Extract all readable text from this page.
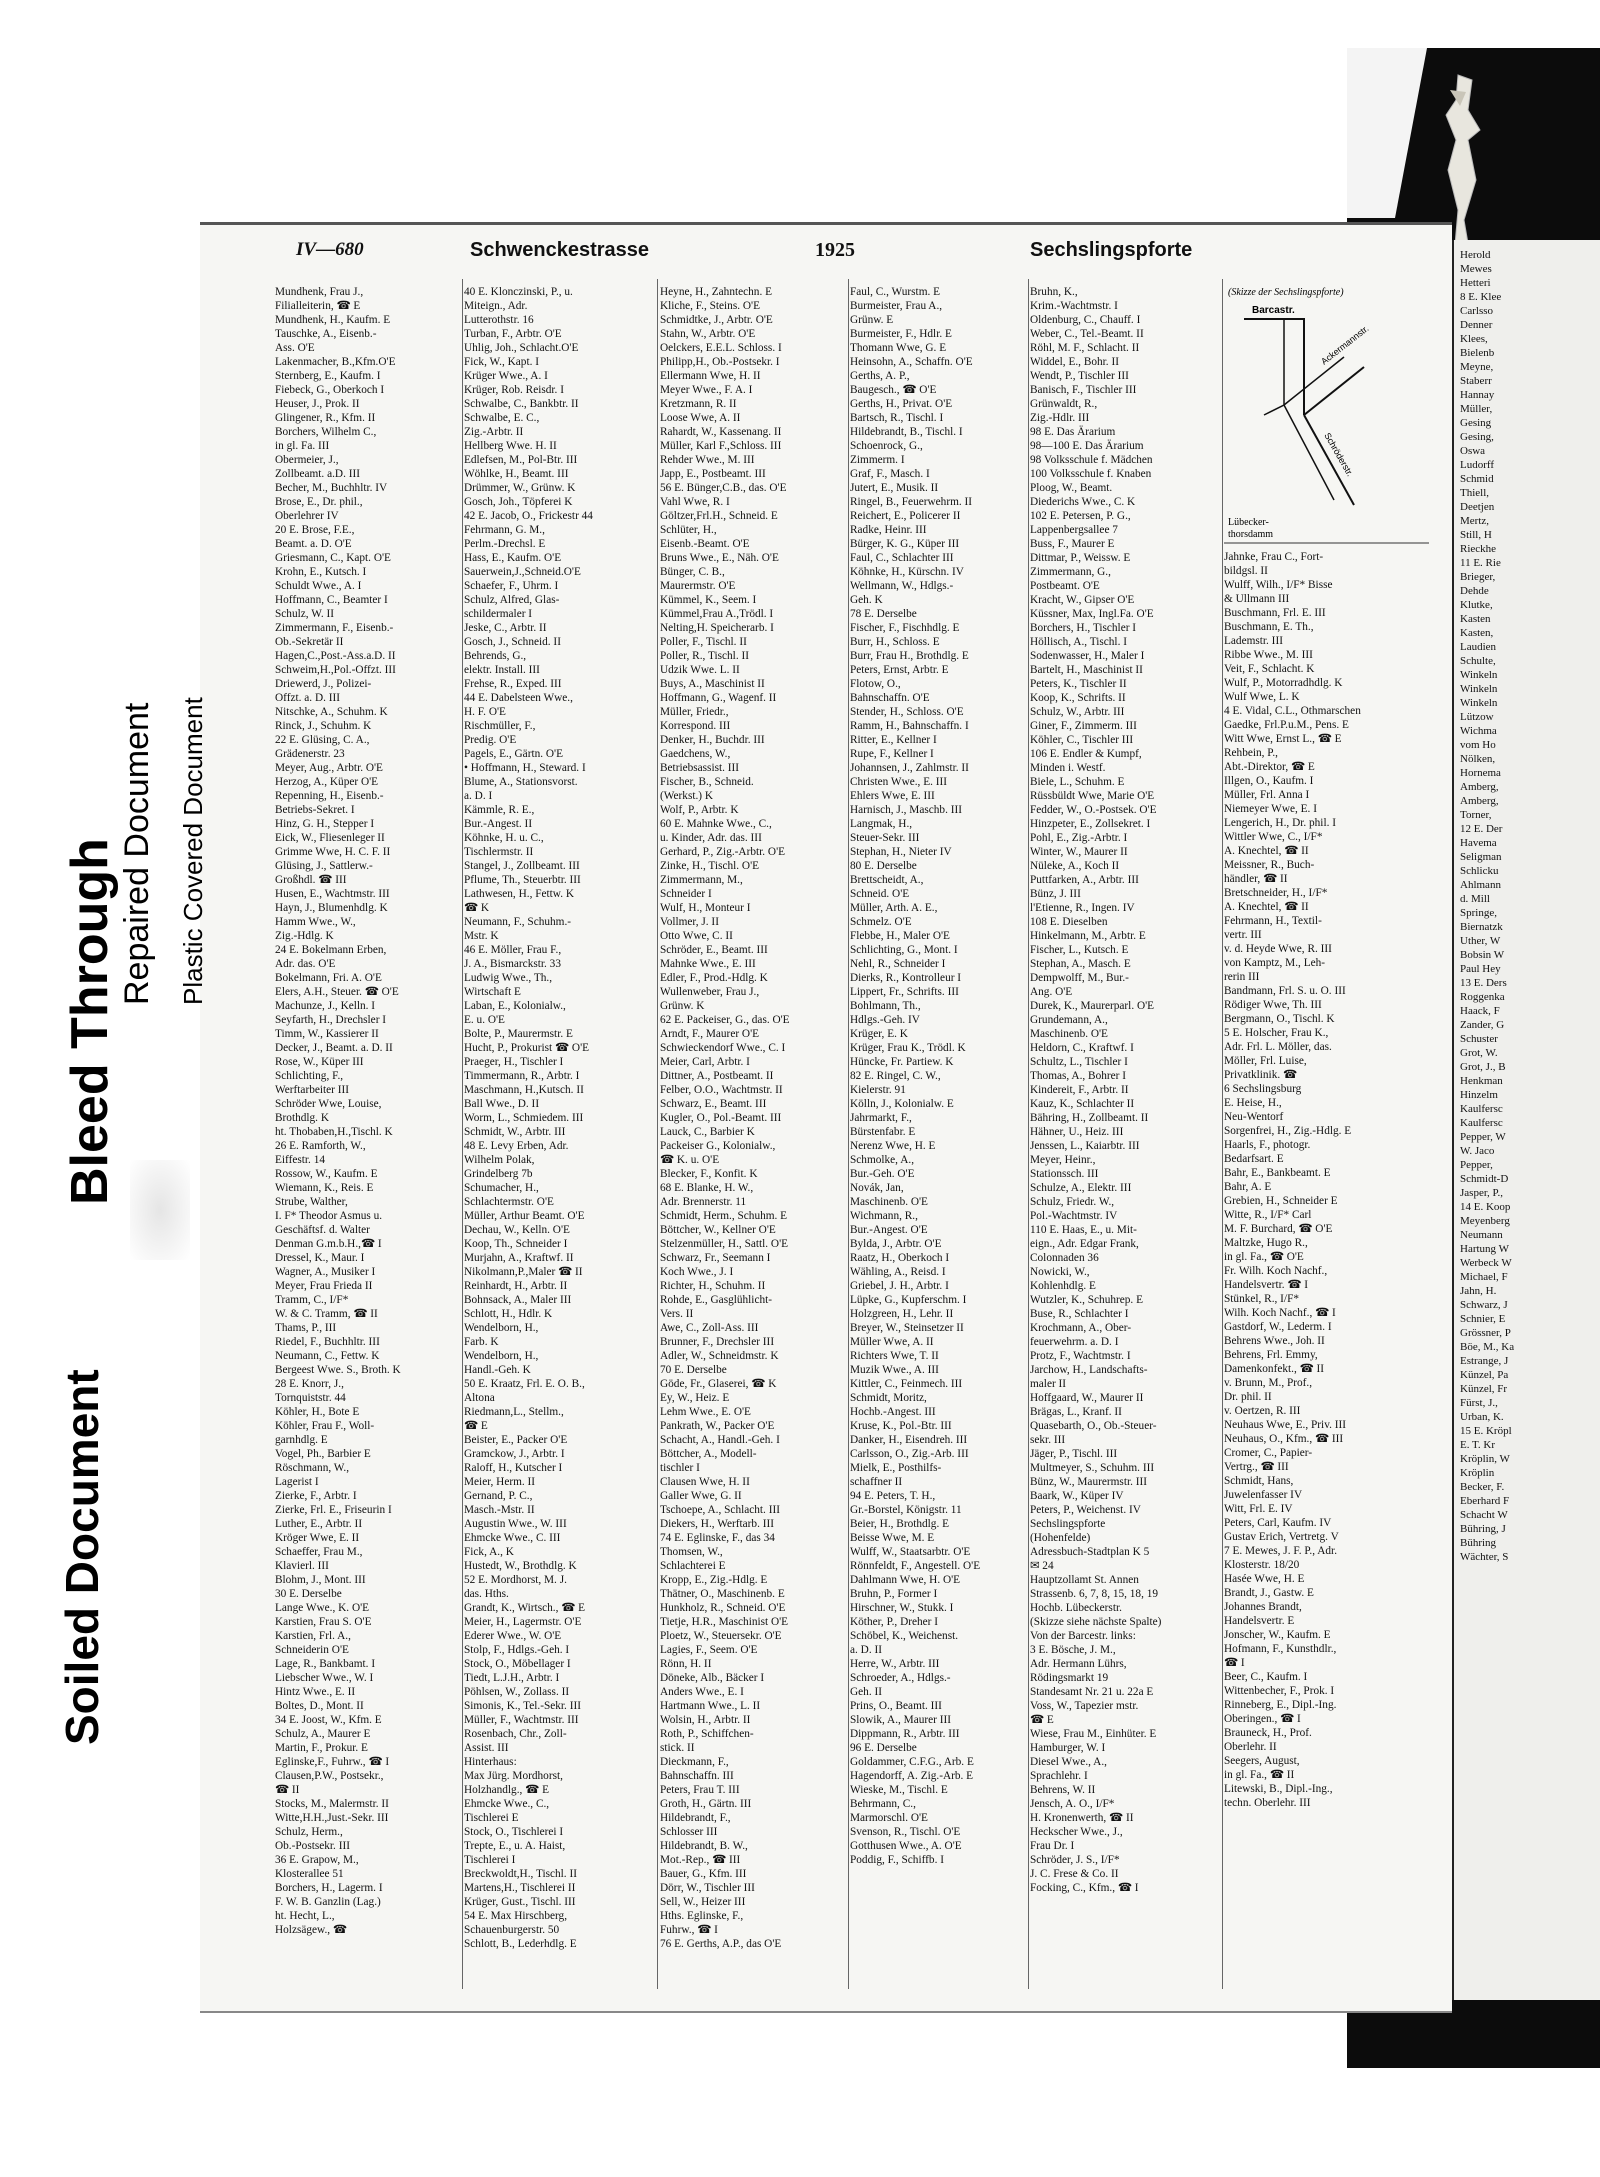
IV—680	Schwenckestrasse	1925	Sechslingspforte
Mundhenk, Frau J.,
Filialleiterin, ☎ E
Mundhenk, H., Kaufm. E
Tauschke, A., Eisenb.-
Ass. O'E
Lakenmacher, B.,Kfm.O'E
Sternberg, E., Kaufm. I
Fiebeck, G., Oberkoch I
Heuser, J., Prok. II
Glingener, R., Kfm. II
Borchers, Wilhelm C.,
in gl. Fa. III
Obermeier, J.,
Zollbeamt. a.D. III
Becher, M., Buchhltr. IV
Brose, E., Dr. phil.,
Oberlehrer IV
20 E. Brose, F.E.,
Beamt. a. D. O'E
Griesmann, C., Kapt. O'E
Krohn, E., Kutsch. I
Schuldt Wwe., A. I
Hoffmann, C., Beamter I
Schulz, W. II
Zimmermann, F., Eisenb.-
Ob.-Sekretär II
Hagen,C.,Post.-Ass.a.D. II
Schweim,H.,Pol.-Offzt. III
Driewerd, J., Polizei-
Offzt. a. D. III
Nitschke, A., Schuhm. K
Rinck, J., Schuhm. K
22 E. Glüsing, C. A.,
Grädenerstr. 23
Meyer, Aug., Arbtr. O'E
Herzog, A., Küper O'E
Repenning, H., Eisenb.-
Betriebs-Sekret. I
Hinz, G. H., Stepper I
Eick, W., Fliesenleger II
Grimme Wwe, H. C. F. II
Glüsing, J., Sattlerw.-
Großhdl. ☎ III
Husen, E., Wachtmstr. III
Hayn, J., Blumenhdlg. K
Hamm Wwe., W.,
Zig.-Hdlg. K
24 E. Bokelmann Erben,
Adr. das. O'E
Bokelmann, Fri. A. O'E
Elers, A.H., Steuer. ☎ O'E
Machunze, J., Kelln. I
Seyfarth, H., Drechsler I
Timm, W., Kassierer II
Decker, J., Beamt. a. D. II
Rose, W., Küper III
Schlichting, F.,
Werftarbeiter III
Schröder Wwe, Louise,
Brothdlg. K
ht. Thobaben,H.,Tischl. K
26 E. Ramforth, W.,
Eiffestr. 14
Rossow, W., Kaufm. E
Wiemann, K., Reis. E
Strube, Walther,
I. F* Theodor Asmus u.
Geschäftsf. d. Walter
Denman G.m.b.H.,☎ I
Dressel, K., Maur. I
Wagner, A., Musiker I
Meyer, Frau Frieda II
Tramm, C., I/F*
W. & C. Tramm, ☎ II
Thams, P., III
Riedel, F., Buchhltr. III
Neumann, C., Fettw. K
Bergeest Wwe. S., Broth. K
28 E. Knorr, J.,
Tornquiststr. 44
Köhler, H., Bote E
Köhler, Frau F., Woll-
garnhdlg. E
Vogel, Ph., Barbier E
Röschmann, W.,
Lagerist I
Zierke, F., Arbtr. I
Zierke, Frl. E., Friseurin I
Luther, E., Arbtr. II
Kröger Wwe, E. II
Schaeffer, Frau M.,
Klavierl. III
Blohm, J., Mont. III
30 E. Derselbe
Lange Wwe., K. O'E
Karstien, Frau S. O'E
Karstien, Frl. A.,
Schneiderin O'E
Lage, R., Bankbamt. I
Liebscher Wwe., W. I
Hintz Wwe., E. II
Boltes, D., Mont. II
34 E. Joost, W., Kfm. E
Schulz, A., Maurer E
Martin, F., Prokur. E
Eglinske,F., Fuhrw., ☎ I
Clausen,P.W., Postsekr.,
☎ II
Stocks, M., Malermstr. II
Witte,H.H.,Just.-Sekr. III
Schulz, Herm.,
Ob.-Postsekr. III
36 E. Grapow, M.,
Klosterallee 51
Borchers, H., Lagerm. I
F. W. B. Ganzlin (Lag.)
ht. Hecht, L.,
Holzsägew., ☎
40 E. Klonczinski, P., u.
Miteign., Adr.
Lutterothstr. 16
Turban, F., Arbtr. O'E
Uhlig, Joh., Schlacht.O'E
Fick, W., Kapt. I
Krüger Wwe., A. I
Krüger, Rob. Reisdr. I
Schwalbe, C., Bankbtr. II
Schwalbe, E. C.,
Zig.-Arbtr. II
Hellberg Wwe. H. II
Edlefsen, M., Pol-Btr. III
Wöhlke, H., Beamt. III
Drümmer, W., Grünw. K
Gosch, Joh., Töpferei K
42 E. Jacob, O., Frickestr 44
Fehrmann, G. M.,
Perlm.-Drechsl. E
Hass, E., Kaufm. O'E
Sauerwein,J.,Schneid.O'E
Schaefer, F., Uhrm. I
Schulz, Alfred, Glas-
schildermaler I
Jeske, C., Arbtr. II
Gosch, J., Schneid. II
Behrends, G.,
elektr. Install. III
Frehse, R., Exped. III
44 E. Dabelsteen Wwe.,
H. F. O'E
Rischmüller, F.,
Predig. O'E
Pagels, E., Gärtn. O'E
• Hoffmann, H., Steward. I
Blume, A., Stationsvorst.
a. D. I
Kämmle, R. E.,
Bur.-Angest. II
Köhnke, H. u. C.,
Tischlermstr. II
Stangel, J., Zollbeamt. III
Pflume, Th., Steuerbtr. III
Lathwesen, H., Fettw. K
☎ K
Neumann, F., Schuhm.-
Mstr. K
46 E. Möller, Frau F.,
J. A., Bismarckstr. 33
Ludwig Wwe., Th.,
Wirtschaft E
Laban, E., Kolonialw.,
E. u. O'E
Bolte, P., Maurermstr. E
Hucht, P., Prokurist ☎ O'E
Praeger, H., Tischler I
Timmermann, R., Arbtr. I
Maschmann, H.,Kutsch. II
Ball Wwe., D. II
Worm, L., Schmiedem. III
Schmidt, W., Arbtr. III
48 E. Levy Erben, Adr.
Wilhelm Polak,
Grindelberg 7b
Schumacher, H.,
Schlachtermstr. O'E
Müller, Arthur Beamt. O'E
Dechau, W., Kelln. O'E
Koop, Th., Schneider I
Murjahn, A., Kraftwf. II
Nikolmann,P.,Maler ☎ II
Reinhardt, H., Arbtr. II
Bohnsack, A., Maler III
Schlott, H., Hdlr. K
Wendelborn, H.,
Farb. K
Wendelborn, H.,
Handl.-Geh. K
50 E. Kraatz, Frl. E. O. B.,
Altona
Riedmann,L., Stellm.,
☎ E
Beister, E., Packer O'E
Gramckow, J., Arbtr. I
Raloff, H., Kutscher I
Meier, Herm. II
Gernand, P. C.,
Masch.-Mstr. II
Augustin Wwe., W. III
Ehmcke Wwe., C. III
Fick, A., K
Hustedt, W., Brothdlg. K
52 E. Mordhorst, M. J.
das. Hths.
Grandt, K., Wirtsch., ☎ E
Meier, H., Lagermstr. O'E
Ederer Wwe., W. O'E
Stolp, F., Hdlgs.-Geh. I
Stock, O., Möbellager I
Tiedt, L.J.H., Arbtr. I
Pöhlsen, W., Zollass. II
Simonis, K., Tel.-Sekr. III
Müller, F., Wachtmstr. III
Rosenbach, Chr., Zoll-
Assist. III
Hinterhaus:
Max Jürg. Mordhorst,
Holzhandlg., ☎ E
Ehmcke Wwe., C.,
Tischlerei E
Stock, O., Tischlerei I
Trepte, E., u. A. Haist,
Tischlerei I
Breckwoldt,H., Tischl. II
Martens,H., Tischlerei II
Krüger, Gust., Tischl. III
54 E. Max Hirschberg,
Schauenburgerstr. 50
Schlott, B., Lederhdlg. E
Heyne, H., Zahntechn. E
Kliche, F., Steins. O'E
Schmidtke, J., Arbtr. O'E
Stahn, W., Arbtr. O'E
Oelckers, E.E.L. Schloss. I
Philipp,H., Ob.-Postsekr. I
Ellermann Wwe, H. II
Meyer Wwe., F. A. I
Kretzmann, R. II
Loose Wwe, A. II
Rahardt, W., Kassenang. II
Müller, Karl F.,Schloss. III
Rehder Wwe., M. III
Japp, E., Postbeamt. III
56 E. Bünger,C.B., das. O'E
Vahl Wwe, R. I
Göltzer,Frl.H., Schneid. E
Schlüter, H.,
Eisenb.-Beamt. O'E
Bruns Wwe., E., Näh. O'E
Bünger, C. B.,
Maurermstr. O'E
Kümmel, K., Seem. I
Kümmel,Frau A.,Trödl. I
Nelting,H. Speicherarb. I
Poller, F., Tischl. II
Poller, R., Tischl. II
Udzik Wwe. L. II
Buys, A., Maschinist II
Hoffmann, G., Wagenf. II
Müller, Friedr.,
Korrespond. III
Denker, H., Buchdr. III
Gaedchens, W.,
Betriebsassist. III
Fischer, B., Schneid.
(Werkst.) K
Wolf, P., Arbtr. K
60 E. Mahnke Wwe., C.,
u. Kinder, Adr. das. III
Gerhard, P., Zig.-Arbtr. O'E
Zinke, H., Tischl. O'E
Zimmermann, M.,
Schneider I
Wulf, H., Monteur I
Vollmer, J. II
Otto Wwe, C. II
Schröder, E., Beamt. III
Mahnke Wwe., E. III
Edler, F., Prod.-Hdlg. K
Wullenweber, Frau J.,
Grünw. K
62 E. Packeiser, G., das. O'E
Arndt, F., Maurer O'E
Schwieckendorf Wwe., C. I
Meier, Carl, Arbtr. I
Dittner, A., Postbeamt. II
Felber, O.O., Wachtmstr. II
Schwarz, E., Beamt. III
Kugler, O., Pol.-Beamt. III
Lauck, C., Barbier K
Packeiser G., Kolonialw.,
☎ K. u. O'E
Blecker, F., Konfit. K
68 E. Blanke, H. W.,
Adr. Brennerstr. 11
Schmidt, Herm., Schuhm. E
Böttcher, W., Kellner O'E
Stelzenmüller, H., Sattl. O'E
Schwarz, Fr., Seemann I
Koch Wwe., J. I
Richter, H., Schuhm. II
Rohde, E., Gasglühlicht-
Vers. II
Awe, C., Zoll-Ass. III
Brunner, F., Drechsler III
Adler, W., Schneidmstr. K
70 E. Derselbe
Göde, Fr., Glaserei, ☎ K
Ey, W., Heiz. E
Lehm Wwe., E. O'E
Pankrath, W., Packer O'E
Schacht, A., Handl.-Geh. I
Böttcher, A., Modell-
tischler I
Clausen Wwe, H. II
Galler Wwe, G. II
Tschoepe, A., Schlacht. III
Diekers, H., Werftarb. III
74 E. Eglinske, F., das 34
Thomsen, W.,
Schlachterei E
Kropp, E., Zig.-Hdlg. E
Thätner, O., Maschinenb. E
Hunkholz, R., Schneid. O'E
Tietje, H.R., Maschinist O'E
Ploetz, W., Steuersekr. O'E
Lagies, F., Seem. O'E
Rönn, H. II
Döneke, Alb., Bäcker I
Anders Wwe., E. I
Hartmann Wwe., L. II
Wolsin, H., Arbtr. II
Roth, P., Schiffchen-
stick. II
Dieckmann, F.,
Bahnschaffn. III
Peters, Frau T. III
Groth, H., Gärtn. III
Hildebrandt, F.,
Schlosser III
Hildebrandt, B. W.,
Mot.-Rep., ☎ III
Bauer, G., Kfm. III
Dörr, W., Tischler III
Sell, W., Heizer III
Hths. Eglinske, F.,
Fuhrw., ☎ I
76 E. Gerths, A.P., das O'E
Faul, C., Wurstm. E
Burmeister, Frau A.,
Grünw. E
Burmeister, F., Hdlr. E
Thomann Wwe, G. E
Heinsohn, A., Schaffn. O'E
Gerths, A. P.,
Baugesch., ☎ O'E
Gerths, H., Privat. O'E
Bartsch, R., Tischl. I
Hildebrandt, B., Tischl. I
Schoenrock, G.,
Zimmerm. I
Graf, F., Masch. I
Jutert, E., Musik. II
Ringel, B., Feuerwehrm. II
Reichert, E., Policerer II
Radke, Heinr. III
Bürger, K. G., Küper III
Faul, C., Schlachter III
Köhnke, H., Kürschn. IV
Wellmann, W., Hdlgs.-
Geh. K
78 E. Derselbe
Fischer, F., Fischhdlg. E
Burr, H., Schloss. E
Burr, Frau H., Brothdlg. E
Peters, Ernst, Arbtr. E
Flotow, O.,
Bahnschaffn. O'E
Stender, H., Schloss. O'E
Ramm, H., Bahnschaffn. I
Ritter, E., Kellner I
Rupe, F., Kellner I
Johannsen, J., Zahlmstr. II
Christen Wwe., E. III
Ehlers Wwe, E. III
Harnisch, J., Maschb. III
Langmak, H.,
Steuer-Sekr. III
Stephan, H., Nieter IV
80 E. Derselbe
Brettscheidt, A.,
Schneid. O'E
Müller, Arth. A. E.,
Schmelz. O'E
Flebbe, H., Maler O'E
Schlichting, G., Mont. I
Nehl, R., Schneider I
Dierks, R., Kontrolleur I
Lippert, Fr., Schrifts. III
Bohlmann, Th.,
Hdlgs.-Geh. IV
Krüger, E. K
Krüger, Frau K., Trödl. K
Hüncke, Fr. Partiew. K
82 E. Ringel, C. W.,
Kielerstr. 91
Kölln, J., Kolonialw. E
Jahrmarkt, F.,
Bürstenfabr. E
Nerenz Wwe, H. E
Schmolke, A.,
Bur.-Geh. O'E
Novák, Jan,
Maschinenb. O'E
Wichmann, R.,
Bur.-Angest. O'E
Bylda, J., Arbtr. O'E
Raatz, H., Oberkoch I
Wähling, A., Reisd. I
Griebel, J. H., Arbtr. I
Lüpke, G., Kupferschm. I
Holzgreen, H., Lehr. II
Breyer, W., Steinsetzer II
Müller Wwe, A. II
Richters Wwe, T. II
Muzik Wwe., A. III
Kittler, C., Feinmech. III
Schmidt, Moritz,
Hochb.-Angest. III
Kruse, K., Pol.-Btr. III
Danker, H., Eisendreh. III
Carlsson, O., Zig.-Arb. III
Mielk, E., Posthilfs-
schaffner II
94 E. Peters, T. H.,
Gr.-Borstel, Königstr. 11
Beier, H., Brothdlg. E
Beisse Wwe, M. E
Wulff, W., Staatsarbtr. O'E
Rönnfeldt, F., Angestell. O'E
Dahlmann Wwe, H. O'E
Bruhn, P., Former I
Hirschner, W., Stukk. I
Köther, P., Dreher I
Schöbel, K., Weichenst.
a. D. II
Herre, W., Arbtr. III
Schroeder, A., Hdlgs.-
Geh. II
Prins, O., Beamt. III
Slowik, A., Maurer III
Dippmann, R., Arbtr. III
96 E. Derselbe
Goldammer, C.F.G., Arb. E
Hagendorff, A. Zig.-Arb. E
Wieske, M., Tischl. E
Behrmann, C.,
Marmorschl. O'E
Svenson, R., Tischl. O'E
Gotthusen Wwe., A. O'E
Poddig, F., Schiffb. I
Bruhn, K.,
Krim.-Wachtmstr. I
Oldenburg, C., Chauff. I
Weber, C., Tel.-Beamt. II
Röhl, M. F., Schlacht. II
Widdel, E., Bohr. II
Wendt, P., Tischler III
Banisch, F., Tischler III
Grünwaldt, R.,
Zig.-Hdlr. III
98 E. Das Ärarium
98—100 E. Das Ärarium
98 Volksschule f. Mädchen
100 Volksschule f. Knaben
Ploog, W., Beamt.
Diederichs Wwe., C. K
102 E. Petersen, P. G.,
Lappenbergsallee 7
Buss, F., Maurer E
Dittmar, P., Weissw. E
Zimmermann, G.,
Postbeamt. O'E
Kracht, W., Gipser O'E
Küssner, Max, Ingl.Fa. O'E
Borchers, H., Tischler I
Höllisch, A., Tischl. I
Sodenwasser, H., Maler I
Bartelt, H., Maschinist II
Peters, K., Tischler II
Koop, K., Schrifts. II
Schulz, W., Arbtr. III
Giner, F., Zimmerm. III
Köhler, C., Tischler III
106 E. Endler & Kumpf,
Minden i. Westf.
Biele, L., Schuhm. E
Rüssbüldt Wwe, Marie O'E
Fedder, W., O.-Postsek. O'E
Hinzpeter, E., Zollsekret. I
Pohl, E., Zig.-Arbtr. I
Winter, W., Maurer II
Nüleke, A., Koch II
Puttfarken, A., Arbtr. III
Bünz, J. III
l'Etienne, R., Ingen. IV
108 E. Dieselben
Hinkelmann, M., Arbtr. E
Fischer, L., Kutsch. E
Stephan, A., Masch. E
Dempwolff, M., Bur.-
Ang. O'E
Durek, K., Maurerparl. O'E
Grundemann, A.,
Maschinenb. O'E
Heldorn, C., Kraftwf. I
Schultz, L., Tischler I
Thomas, A., Bohrer I
Kindereit, F., Arbtr. II
Kauz, K., Schlachter II
Bähring, H., Zollbeamt. II
Hähner, U., Heiz. III
Jenssen, L., Kaiarbtr. III
Meyer, Heinr.,
Stationssch. III
Schulze, A., Elektr. III
Schulz, Friedr. W.,
Pol.-Wachtmstr. IV
110 E. Haas, E., u. Mit-
eign., Adr. Edgar Frank,
Colonnaden 36
Nowicki, W.,
Kohlenhdlg. E
Wutzler, K., Schuhrep. E
Buse, R., Schlachter I
Krochmann, A., Ober-
feuerwehrm. a. D. I
Protz, F., Wachtmstr. I
Jarchow, H., Landschafts-
maler II
Hoffgaard, W., Maurer II
Brägas, L., Kranf. II
Quasebarth, O., Ob.-Steuer-
sekr. III
Jäger, P., Tischl. III
Multmeyer, S., Schuhm. III
Bünz, W., Maurermstr. III
Baark, W., Küper IV
Peters, P., Weichenst. IV
Sechslingspforte
(Hohenfelde)
Adressbuch-Stadtplan K 5
✉ 24
Hauptzollamt St. Annen
Strassenb. 6, 7, 8, 15, 18, 19
Hochb. Lübeckerstr.
(Skizze siehe nächste Spalte)
Von der Barcestr. links:
3 E. Bösche, J. M.,
Adr. Hermann Lührs,
Rödingsmarkt 19
Standesamt Nr. 21 u. 22a E
Voss, W., Tapezier mstr.
☎ E
Wiese, Frau M., Einhüter. E
Hamburger, W. I
Diesel Wwe., A.,
Sprachlehr. I
Behrens, W. II
Jensch, A. O., I/F*
H. Kronenwerth, ☎ II
Heckscher Wwe., J.,
Frau Dr. I
Schröder, J. S., I/F*
J. C. Frese & Co. II
Focking, C., Kfm., ☎ I
(Skizze der Sechslingspforte)
Barcastr.
Ackermannstr.
Schröderstr.
Lübecker-
thorsdamm
Jahnke, Frau C., Fort-
bildgsl. II
Wulff, Wilh., I/F* Bisse
& Ullmann III
Buschmann, Frl. E. III
Buschmann, E. Th.,
Lademstr. III
Ribbe Wwe., M. III
Veit, F., Schlacht. K
Wulf, P., Motorradhdlg. K
Wulf Wwe, L. K
4 E. Vidal, C.L., Othmarschen
Gaedke, Frl.P.u.M., Pens. E
Witt Wwe, Ernst L., ☎ E
Rehbein, P.,
Abt.-Direktor, ☎ E
Illgen, O., Kaufm. I
Müller, Frl. Anna I
Niemeyer Wwe, E. I
Lengerich, H., Dr. phil. I
Wittler Wwe, C., I/F*
A. Knechtel, ☎ II
Meissner, R., Buch-
händler, ☎ II
Bretschneider, H., I/F*
A. Knechtel, ☎ II
Fehrmann, H., Textil-
vertr. III
v. d. Heyde Wwe, R. III
von Kamptz, M., Leh-
rerin III
Bandmann, Frl. S. u. O. III
Rödiger Wwe, Th. III
Bergmann, O., Tischl. K
5 E. Holscher, Frau K.,
Adr. Frl. L. Möller, das.
Möller, Frl. Luise,
Privatklinik. ☎
6 Sechslingsburg
E. Heise, H.,
Neu-Wentorf
Sorgenfrei, H., Zig.-Hdlg. E
Haarls, F., photogr.
Bedarfsart. E
Bahr, E., Bankbeamt. E
Bahr, A. E
Grebien, H., Schneider E
Witte, R., I/F* Carl
M. F. Burchard, ☎ O'E
Maltzke, Hugo R.,
in gl. Fa., ☎ O'E
Fr. Wilh. Koch Nachf.,
Handelsvertr. ☎ I
Stünkel, R., I/F*
Wilh. Koch Nachf., ☎ I
Gastdorf, W., Lederm. I
Behrens Wwe., Joh. II
Behrens, Frl. Emmy,
Damenkonfekt., ☎ II
v. Brunn, M., Prof.,
Dr. phil. II
v. Oertzen, R. III
Neuhaus Wwe, E., Priv. III
Neuhaus, O., Kfm., ☎ III
Cromer, C., Papier-
Vertrg., ☎ III
Schmidt, Hans,
Juwelenfasser IV
Witt, Frl. E. IV
Peters, Carl, Kaufm. IV
Gustav Erich, Vertretg. V
7 E. Mewes, J. F. P., Adr.
Klosterstr. 18/20
Hasée Wwe, H. E
Brandt, J., Gastw. E
Johannes Brandt,
Handelsvertr. E
Jonscher, W., Kaufm. E
Hofmann, F., Kunsthdlr.,
☎ I
Beer, C., Kaufm. I
Wittenbecher, F., Prok. I
Rinneberg, E., Dipl.-Ing.
Oberingen., ☎ I
Brauneck, H., Prof.
Oberlehr. II
Seegers, August,
in gl. Fa., ☎ II
Litewski, B., Dipl.-Ing.,
techn. Oberlehr. III
Herold
Mewes
Hetteri
8 E. Klee
Carlsso
Denner
Klees,
Bielenb
Meyne,
Staberr
Hannay
Müller,
Gesing
Gesing,
Oswa
Ludorff
Schmid
Thiell,
Deetjen
Mertz,
Still, H
Rieckhe
11 E. Rie
Brieger,
Dehde
Klutke,
Kasten
Kasten,
Laudien
Schulte,
Winkeln
Winkeln
Winkeln
Lützow
Wichma
vom Ho
Nölken,
Hornema
Amberg,
Amberg,
Torner,
12 E. Der
Havema
Seligman
Schlicku
Ahlmann
d. Mill
Springe,
Biernatzk
Uther, W
Bobsin W
Paul Hey
13 E. Ders
Roggenka
Haack, F
Zander, G
Schuster
Grot, W.
Grot, J., B
Henkman
Hinzelm
Kaulfersc
Kaulfersc
Pepper, W
W. Jaco
Pepper,
Schmidt-D
Jasper, P.,
14 E. Koop
Meyenberg
Neumann
Hartung W
Werbeck W
Michael, F
Jahn, H.
Schwarz, J
Schnier, E
Grössner, P
Böe, M., Ka
Estrange, J
Künzel, Pa
Künzel, Fr
Fürst, J.,
Urban, K.
15 E. Kröpl
E. T. Kr
Kröplin, W
Kröplin
Becker, F.
Eberhard F
Schacht W
Bühring, J
Bühring
Wächter, S
Bleed Through
Soiled Document
Repaired Document Plastic Covered Document
